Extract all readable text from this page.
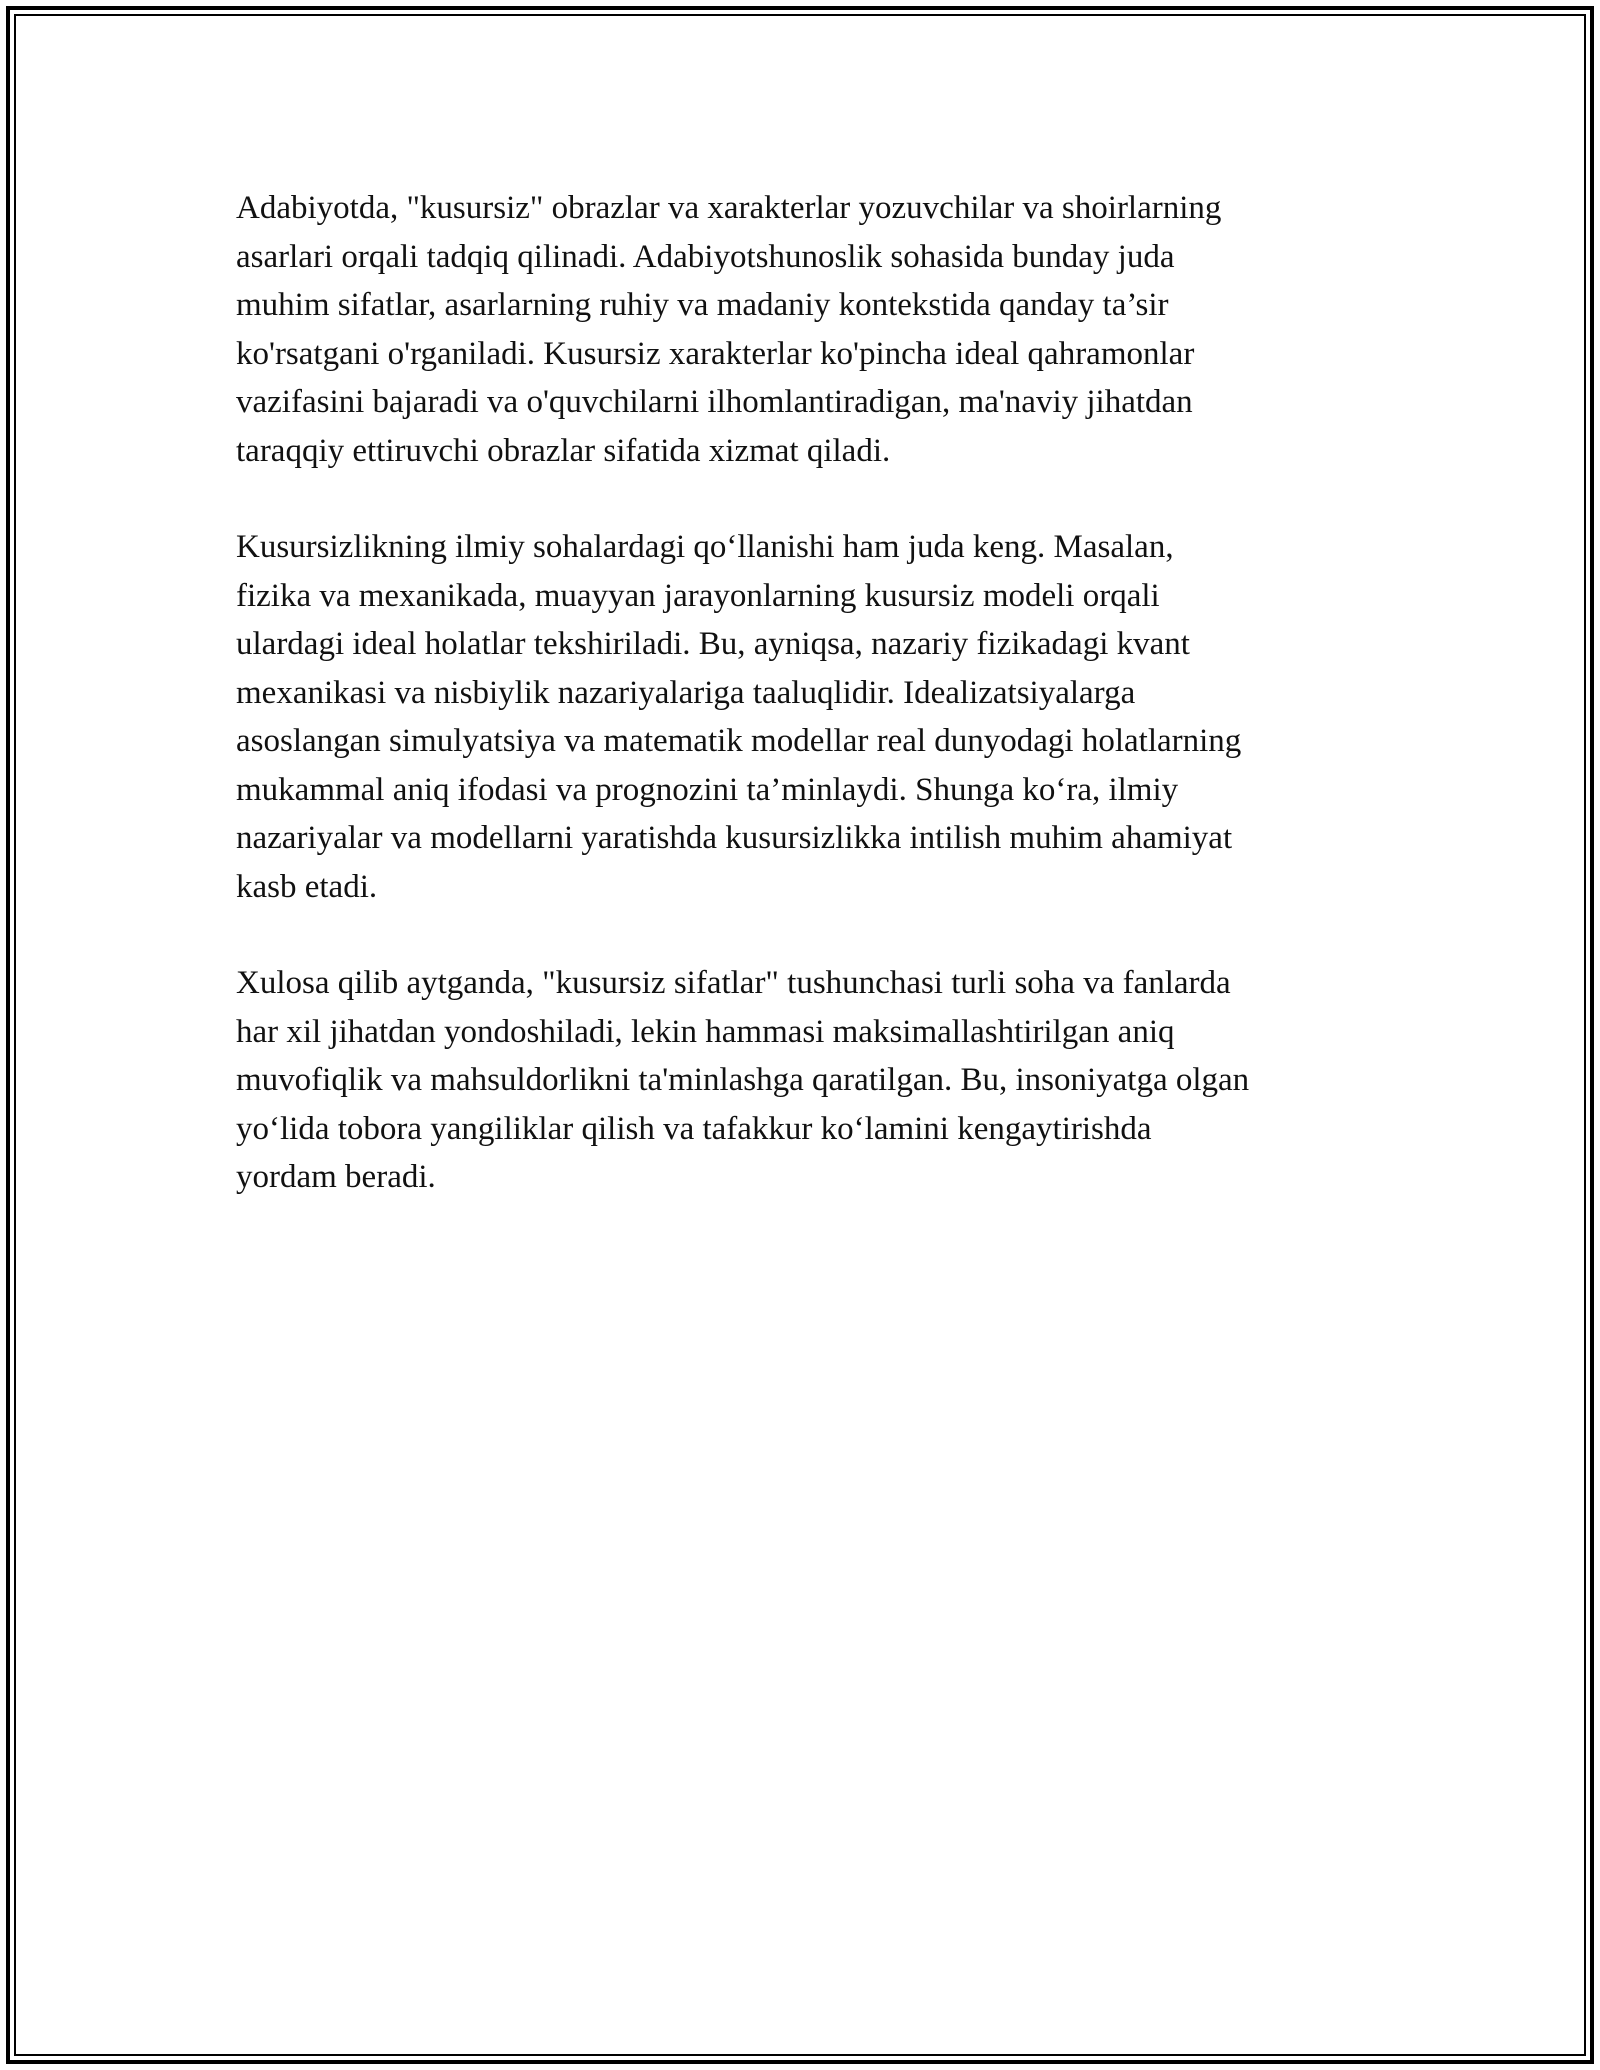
Adabiyotda, "kusursiz" obrazlar va xarakterlar yozuvchilar va shoirlarning
asarlari orqali tadqiq qilinadi. Adabiyotshunoslik sohasida bunday juda
muhim sifatlar, asarlarning ruhiy va madaniy kontekstida qanday ta’sir
ko'rsatgani o'rganiladi. Kusursiz xarakterlar ko'pincha ideal qahramonlar
vazifasini bajaradi va o'quvchilarni ilhomlantiradigan, ma'naviy jihatdan
taraqqiy ettiruvchi obrazlar sifatida xizmat qiladi.

Kusursizlikning ilmiy sohalardagi qo‘llanishi ham juda keng. Masalan,
fizika va mexanikada, muayyan jarayonlarning kusursiz modeli orqali
ulardagi ideal holatlar tekshiriladi. Bu, ayniqsa, nazariy fizikadagi kvant
mexanikasi va nisbiylik nazariyalariga taaluqlidir. Idealizatsiyalarga
asoslangan simulyatsiya va matematik modellar real dunyodagi holatlarning
mukammal aniq ifodasi va prognozini ta’minlaydi. Shunga ko‘ra, ilmiy
nazariyalar va modellarni yaratishda kusursizlikka intilish muhim ahamiyat
kasb etadi.

Xulosa qilib aytganda, "kusursiz sifatlar" tushunchasi turli soha va fanlarda
har xil jihatdan yondoshiladi, lekin hammasi maksimallashtirilgan aniq
muvofiqlik va mahsuldorlikni ta'minlashga qaratilgan. Bu, insoniyatga olgan
yo‘lida tobora yangiliklar qilish va tafakkur ko‘lamini kengaytirishda
yordam beradi.
